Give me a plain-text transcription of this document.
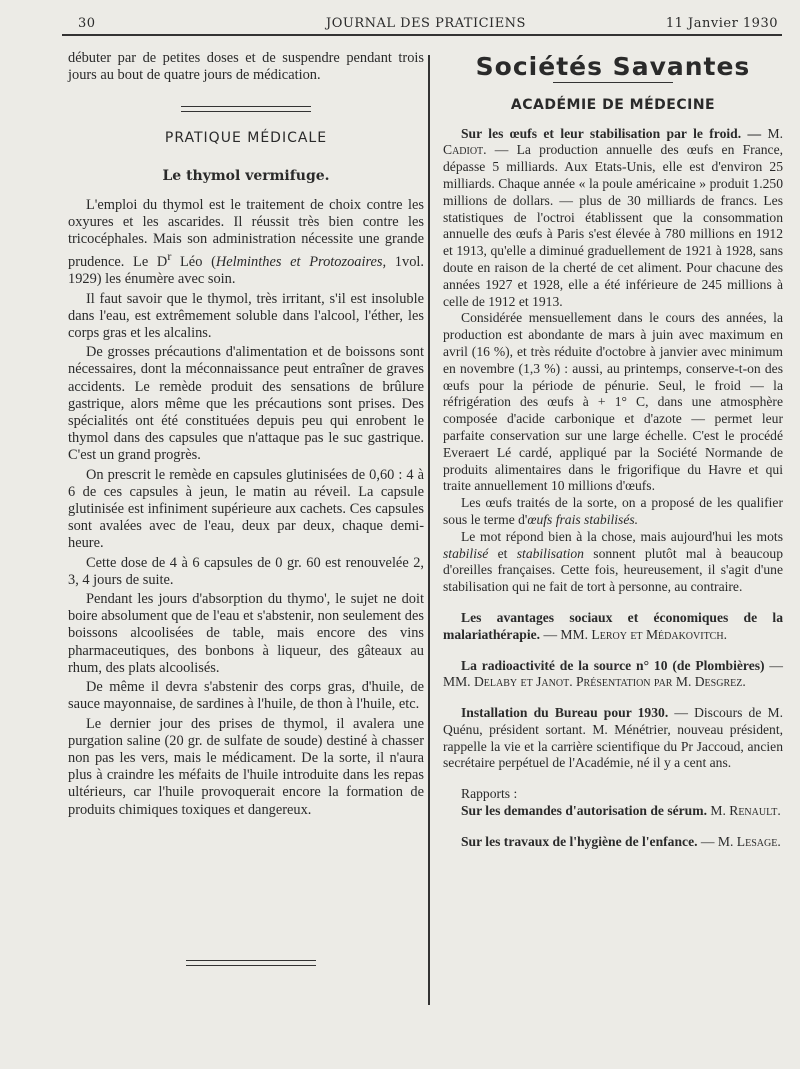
30	JOURNAL DES PRATICIENS	11 Janvier 1930

débuter par de petites doses et de suspendre pendant trois jours au bout de quatre jours de médication.

PRATIQUE MÉDICALE
Le thymol vermifuge.

L'emploi du thymol est le traitement de choix contre les oxyures et les ascarides. Il réussit très bien contre les tricocéphales. Mais son administration nécessite une grande prudence. Le $D^r$ Léo (Helminthes et Protozoaires, 1vol. 1929) les énumère avec soin.

Il faut savoir que le thymol, très irritant, s'il est insoluble dans l'eau, est extrêmement soluble dans l'alcool, l'éther, les corps gras et les alcalins.

De grosses précautions d'alimentation et de boissons sont nécessaires, dont la méconnaissance peut entraîner de graves accidents. Le remède produit des sensations de brûlure gastrique, alors même que les précautions sont prises. Des spécialités ont été constituées depuis peu qui enrobent le thymol dans des capsules que n'attaque pas le suc gastrique. C'est un grand progrès.

On prescrit le remède en capsules glutinisées de 0,60 : 4 à 6 de ces capsules à jeun, le matin au réveil. La capsule glutinisée est infiniment supérieure aux cachets. Ces capsules sont avalées avec de l'eau, deux par deux, chaque demi-heure.

Cette dose de 4 à 6 capsules de 0 gr. 60 est renouvelée 2, 3, 4 jours de suite.

Pendant les jours d'absorption du thymo', le sujet ne doit boire absolument que de l'eau et s'abstenir, non seulement des boissons alcoolisées de table, mais encore des vins pharmaceutiques, des bonbons à liqueur, des gâteaux au rhum, des plats alcoolisés.

De même il devra s'abstenir des corps gras, d'huile, de sauce mayonnaise, de sardines à l'huile, de thon à l'huile, etc.

Le dernier jour des prises de thymol, il avalera une purgation saline (20 gr. de sulfate de soude) destiné à chasser non pas les vers, mais le médicament. De la sorte, il n'aura plus à craindre les méfaits de l'huile introduite dans les repas ultérieurs, car l'huile provoquerait encore la formation de produits chimiques toxiques et dangereux.

Sociétés Savantes
ACADÉMIE DE MÉDECINE

Sur les œufs et leur stabilisation par le froid. — M. Cadiot. — La production annuelle des œufs en France, dépasse 5 milliards. Aux Etats-Unis, elle est d'environ 25 milliards. Chaque année « la poule américaine » produit 1.250 millions de dollars. — plus de 30 milliards de francs. Les statistiques de l'octroi établissent que la consommation annuelle des œufs à Paris s'est élevée à 780 millions en 1912 et 1913, qu'elle a diminué graduellement de 1921 à 1928, sans doute en raison de la cherté de cet aliment. Pour chacune des années 1927 et 1928, elle a été inférieure de 245 millions à celle de 1912 et 1913.

Considérée mensuellement dans le cours des années, la production est abondante de mars à juin avec maximum en avril (16 %), et très réduite d'octobre à janvier avec minimum en novembre (1,3 %) : aussi, au printemps, conserve-t-on des œufs pour la période de pénurie. Seul, le froid — la réfrigération des œufs à + 1° C, dans une atmosphère composée d'acide carbonique et d'azote — permet leur parfaite conservation sur une large échelle. C'est le procédé Everaert Lé cardé, appliqué par la Société Normande de produits alimentaires dans le frigorifique du Havre et qui traite annuellement 10 millions d'œufs.

Les œufs traités de la sorte, on a proposé de les qualifier sous le terme d'œufs frais stabilisés.

Le mot répond bien à la chose, mais aujourd'hui les mots stabilisé et stabilisation sonnent plutôt mal à beaucoup d'oreilles françaises. Cette fois, heureusement, il s'agit d'une stabilisation qui ne fait de tort à personne, au contraire.

Les avantages sociaux et économiques de la malariathérapie. — MM. Leroy et Médakovitch.

La radioactivité de la source n° 10 (de Plombières) — MM. Delaby et Janot. Présentation par M. Desgrez.

Installation du Bureau pour 1930. — Discours de M. Quénu, président sortant. M. Ménétrier, nouveau président, rappelle la vie et la carrière scientifique du Pr Jaccoud, ancien secrétaire perpétuel de l'Académie, né il y a cent ans.

Rapports :

Sur les demandes d'autorisation de sérum. M. Renault.

Sur les travaux de l'hygiène de l'enfance. — M. Lesage.
